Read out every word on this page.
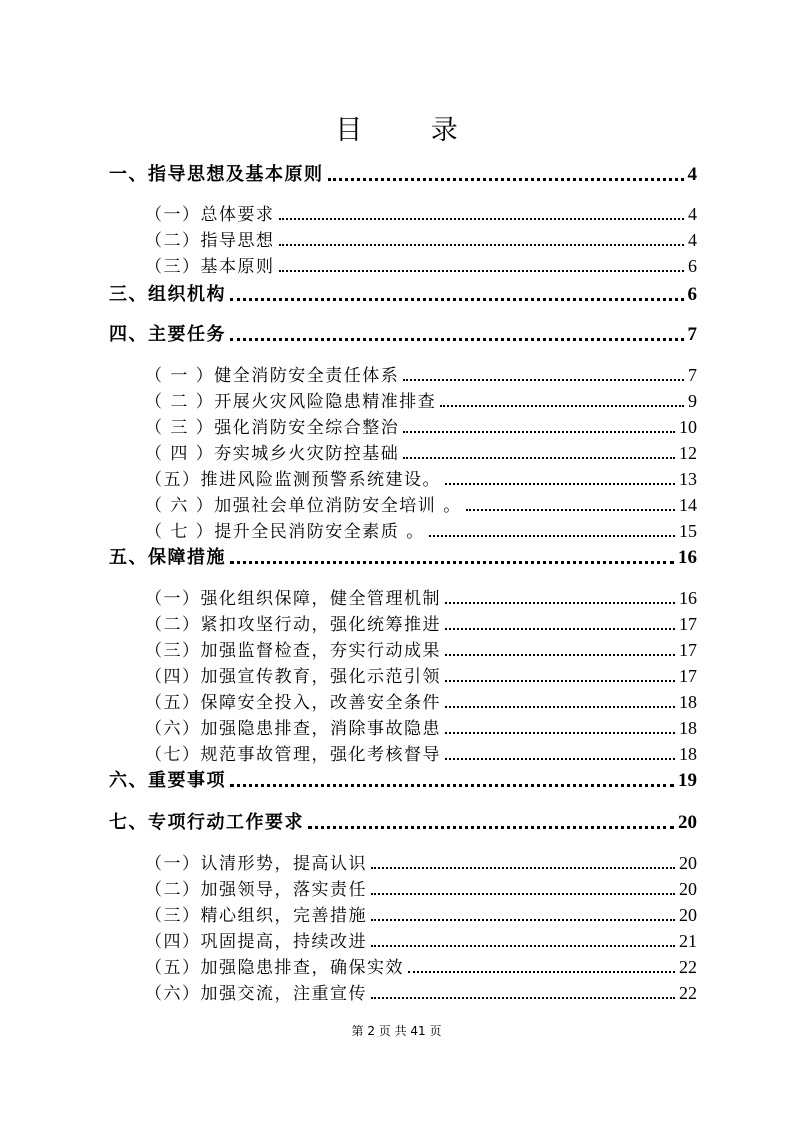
目 录
一、指导思想及基本原则	4
（一）总体要求	4
（二）指导思想	4
（三）基本原则	6
三、组织机构	6
四、主要任务	7
（ 一 ）健全消防安全责任体系	7
（ 二 ）开展火灾风险隐患精准排查	9
（ 三 ）强化消防安全综合整治	10
（ 四 ）夯实城乡火灾防控基础	12
（五）推进风险监测预警系统建设。	13
（ 六 ）加强社会单位消防安全培训 。	14
（ 七 ）提升全民消防安全素质 。	15
五、保障措施	16
（一）强化组织保障，健全管理机制	16
（二）紧扣攻坚行动，强化统筹推进	17
（三）加强监督检查，夯实行动成果	17
（四）加强宣传教育，强化示范引领	17
（五）保障安全投入，改善安全条件	18
（六）加强隐患排查，消除事故隐患	18
（七）规范事故管理，强化考核督导	18
六、重要事项	19
七、专项行动工作要求	20
（一）认清形势，提高认识	20
（二）加强领导，落实责任	20
（三）精心组织，完善措施	20
（四）巩固提高，持续改进	21
（五）加强隐患排查，确保实效	22
（六）加强交流，注重宣传	22
第 2 页 共 41 页
